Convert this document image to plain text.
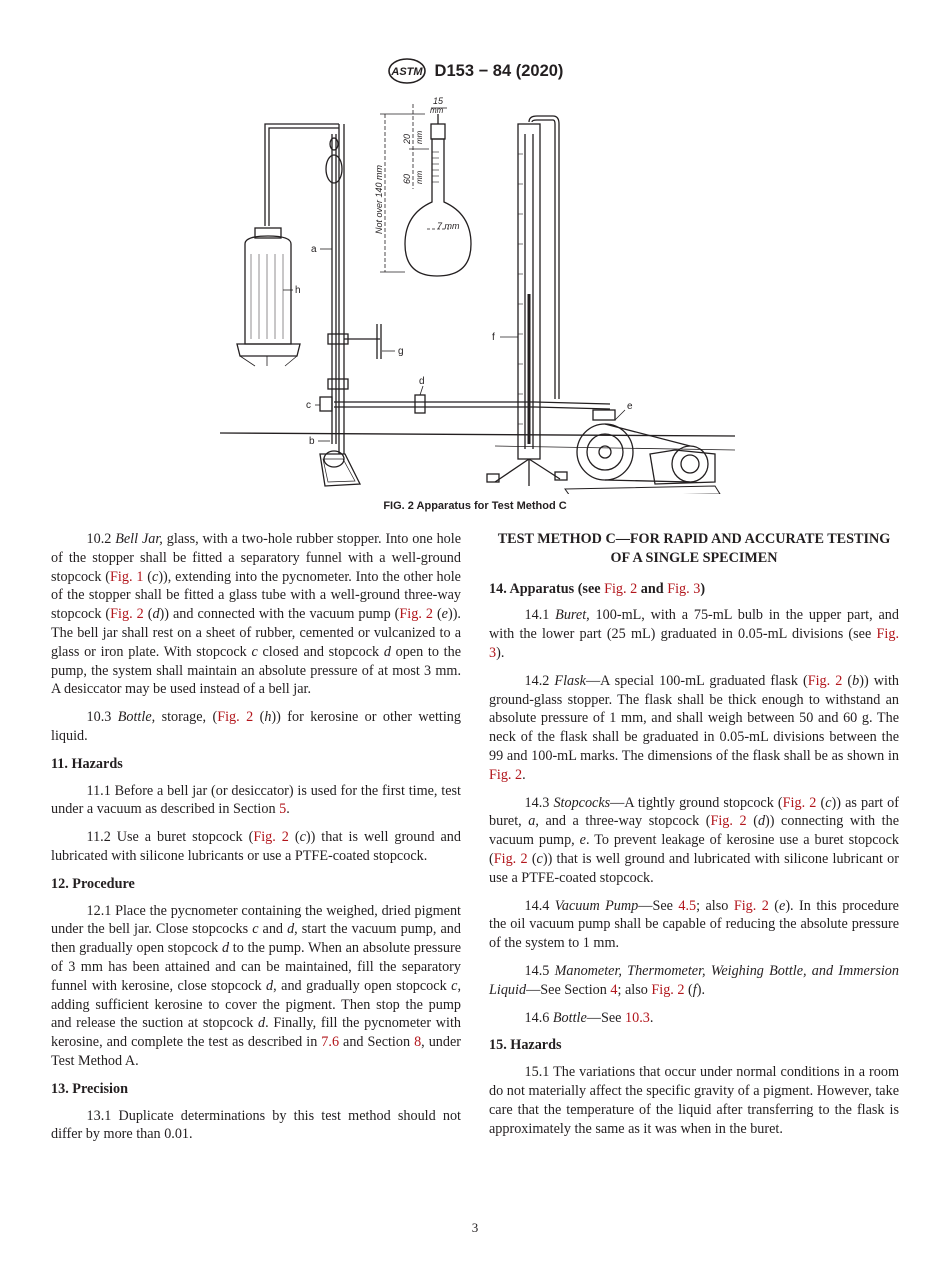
ASTM D153 − 84 (2020)
a
h
g
f
d
e
c
b
15
mm
7 mm
Not over 140 mm
20 mm
60 mm
FIG. 2 Apparatus for Test Method C

10.2 Bell Jar, glass, with a two-hole rubber stopper. Into one hole of the stopper shall be fitted a separatory funnel with a well-ground stopcock (Fig. 1 (c)), extending into the pycnometer. Into the other hole of the stopper shall be fitted a glass tube with a well-ground three-way stopcock (Fig. 2 (d)) and connected with the vacuum pump (Fig. 2 (e)). The bell jar shall rest on a sheet of rubber, cemented or vulcanized to a glass or iron plate. With stopcock c closed and stopcock d open to the pump, the system shall maintain an absolute pressure of at most 3 mm. A desiccator may be used instead of a bell jar.

10.3 Bottle, storage, (Fig. 2 (h)) for kerosine or other wetting liquid.

11. Hazards

11.1 Before a bell jar (or desiccator) is used for the first time, test under a vacuum as described in Section 5.

11.2 Use a buret stopcock (Fig. 2 (c)) that is well ground and lubricated with silicone lubricants or use a PTFE-coated stopcock.

12. Procedure

12.1 Place the pycnometer containing the weighed, dried pigment under the bell jar. Close stopcocks c and d, start the vacuum pump, and then gradually open stopcock d to the pump. When an absolute pressure of 3 mm has been attained and can be maintained, fill the separatory funnel with kerosine, close stopcock d, and gradually open stopcock c, adding sufficient kerosine to cover the pigment. Then stop the pump and release the suction at stopcock d. Finally, fill the pycnometer with kerosine, and complete the test as described in 7.6 and Section 8, under Test Method A.

13. Precision

13.1 Duplicate determinations by this test method should not differ by more than 0.01.

TEST METHOD C—FOR RAPID AND ACCURATE TESTING OF A SINGLE SPECIMEN

14. Apparatus (see Fig. 2 and Fig. 3)

14.1 Buret, 100-mL, with a 75-mL bulb in the upper part, and with the lower part (25 mL) graduated in 0.05-mL divisions (see Fig. 3).

14.2 Flask—A special 100-mL graduated flask (Fig. 2 (b)) with ground-glass stopper. The flask shall be thick enough to withstand an absolute pressure of 1 mm, and shall weigh between 50 and 60 g. The neck of the flask shall be graduated in 0.05-mL divisions between the 99 and 100-mL marks. The dimensions of the flask shall be as shown in Fig. 2.

14.3 Stopcocks—A tightly ground stopcock (Fig. 2 (c)) as part of buret, a, and a three-way stopcock (Fig. 2 (d)) connecting with the vacuum pump, e. To prevent leakage of kerosine use a buret stopcock (Fig. 2 (c)) that is well ground and lubricated with silicone lubricant or use a PTFE-coated stopcock.

14.4 Vacuum Pump—See 4.5; also Fig. 2 (e). In this procedure the oil vacuum pump shall be capable of reducing the absolute pressure of the system to 1 mm.

14.5 Manometer, Thermometer, Weighing Bottle, and Immersion Liquid—See Section 4; also Fig. 2 (f).

14.6 Bottle—See 10.3.

15. Hazards

15.1 The variations that occur under normal conditions in a room do not materially affect the specific gravity of a pigment. However, take care that the temperature of the liquid after transferring to the flask is approximately the same as it was when in the buret.

3
